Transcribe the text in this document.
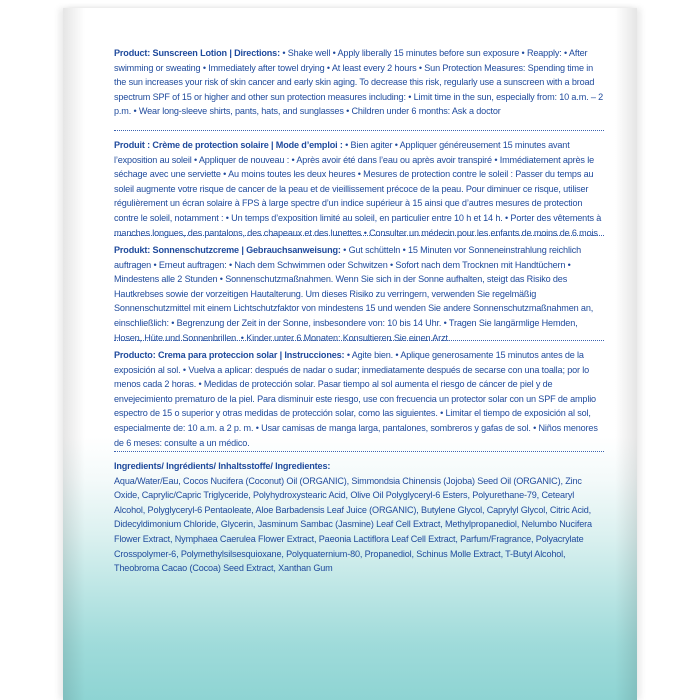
Product: Sunscreen Lotion | Directions: • Shake well • Apply liberally 15 minutes before sun exposure • Reapply: • After swimming or sweating • Immediately after towel drying • At least every 2 hours • Sun Protection Measures: Spending time in the sun increases your risk of skin cancer and early skin aging. To decrease this risk, regularly use a sunscreen with a broad spectrum SPF of 15 or higher and other sun protection measures including: • Limit time in the sun, especially from: 10 a.m. – 2 p.m. • Wear long-sleeve shirts, pants, hats, and sunglasses • Children under 6 months: Ask a doctor
Produit : Crème de protection solaire | Mode d’emploi : • Bien agiter • Appliquer généreusement 15 minutes avant l’exposition au soleil • Appliquer de nouveau : • Après avoir été dans l’eau ou après avoir transpiré • Immédiatement après le séchage avec une serviette • Au moins toutes les deux heures • Mesures de protection contre le soleil : Passer du temps au soleil augmente votre risque de cancer de la peau et de vieillissement précoce de la peau. Pour diminuer ce risque, utiliser régulièrement un écran solaire à FPS à large spectre d’un indice supérieur à 15 ainsi que d’autres mesures de protection contre le soleil, notamment : • Un temps d’exposition limité au soleil, en particulier entre 10 h et 14 h. • Porter des vêtements à manches longues, des pantalons, des chapeaux et des lunettes • Consulter un médecin pour les enfants de moins de 6 mois
Produkt: Sonnenschutzcreme | Gebrauchsanweisung: • Gut schütteln • 15 Minuten vor Sonneneinstrahlung reichlich auftragen • Erneut auftragen: • Nach dem Schwimmen oder Schwitzen • Sofort nach dem Trocknen mit Handtüchern • Mindestens alle 2 Stunden • Sonnenschutzmaßnahmen. Wenn Sie sich in der Sonne aufhalten, steigt das Risiko des Hautkrebses sowie der vorzeitigen Hautalterung. Um dieses Risiko zu verringern, verwenden Sie regelmäßig Sonnenschutzmittel mit einem Lichtschutzfaktor von mindestens 15 und wenden Sie andere Sonnenschutzmaßnahmen an, einschließlich: • Begrenzung der Zeit in der Sonne, insbesondere von: 10 bis 14 Uhr. • Tragen Sie langärmlige Hemden, Hosen, Hüte und Sonnenbrillen. • Kinder unter 6 Monaten: Konsultieren Sie einen Arzt.
Producto: Crema para proteccion solar | Instrucciones: • Agite bien. • Aplique generosamente 15 minutos antes de la exposición al sol. • Vuelva a aplicar: después de nadar o sudar; inmediatamente después de secarse con una toalla; por lo menos cada 2 horas. • Medidas de protección solar. Pasar tiempo al sol aumenta el riesgo de cáncer de piel y de envejecimiento prematuro de la piel. Para disminuir este riesgo, use con frecuencia un protector solar con un SPF de amplio espectro de 15 o superior y otras medidas de protección solar, como las siguientes. • Limitar el tiempo de exposición al sol, especialmente de: 10 a.m. a 2 p. m. • Usar camisas de manga larga, pantalones, sombreros y gafas de sol. • Niños menores de 6 meses: consulte a un médico.
Ingredients/ Ingrédients/ Inhaltsstoffe/ Ingredientes:
Aqua/Water/Eau, Cocos Nucifera (Coconut) Oil (ORGANIC), Simmondsia Chinensis (Jojoba) Seed Oil (ORGANIC), Zinc Oxide, Caprylic/Capric Triglyceride, Polyhydroxystearic Acid, Olive Oil Polyglyceryl-6 Esters, Polyurethane-79, Cetearyl Alcohol, Polyglyceryl-6 Pentaoleate, Aloe Barbadensis Leaf Juice (ORGANIC), Butylene Glycol, Caprylyl Glycol, Citric Acid, Didecyldimonium Chloride, Glycerin, Jasminum Sambac (Jasmine) Leaf Cell Extract, Methylpropanediol, Nelumbo Nucifera Flower Extract, Nymphaea Caerulea Flower Extract, Paeonia Lactiflora Leaf Cell Extract, Parfum/Fragrance, Polyacrylate Crosspolymer-6, Polymethylsilsesquioxane, Polyquaternium-80, Propanediol, Schinus Molle Extract, T-Butyl Alcohol, Theobroma Cacao (Cocoa) Seed Extract, Xanthan Gum
